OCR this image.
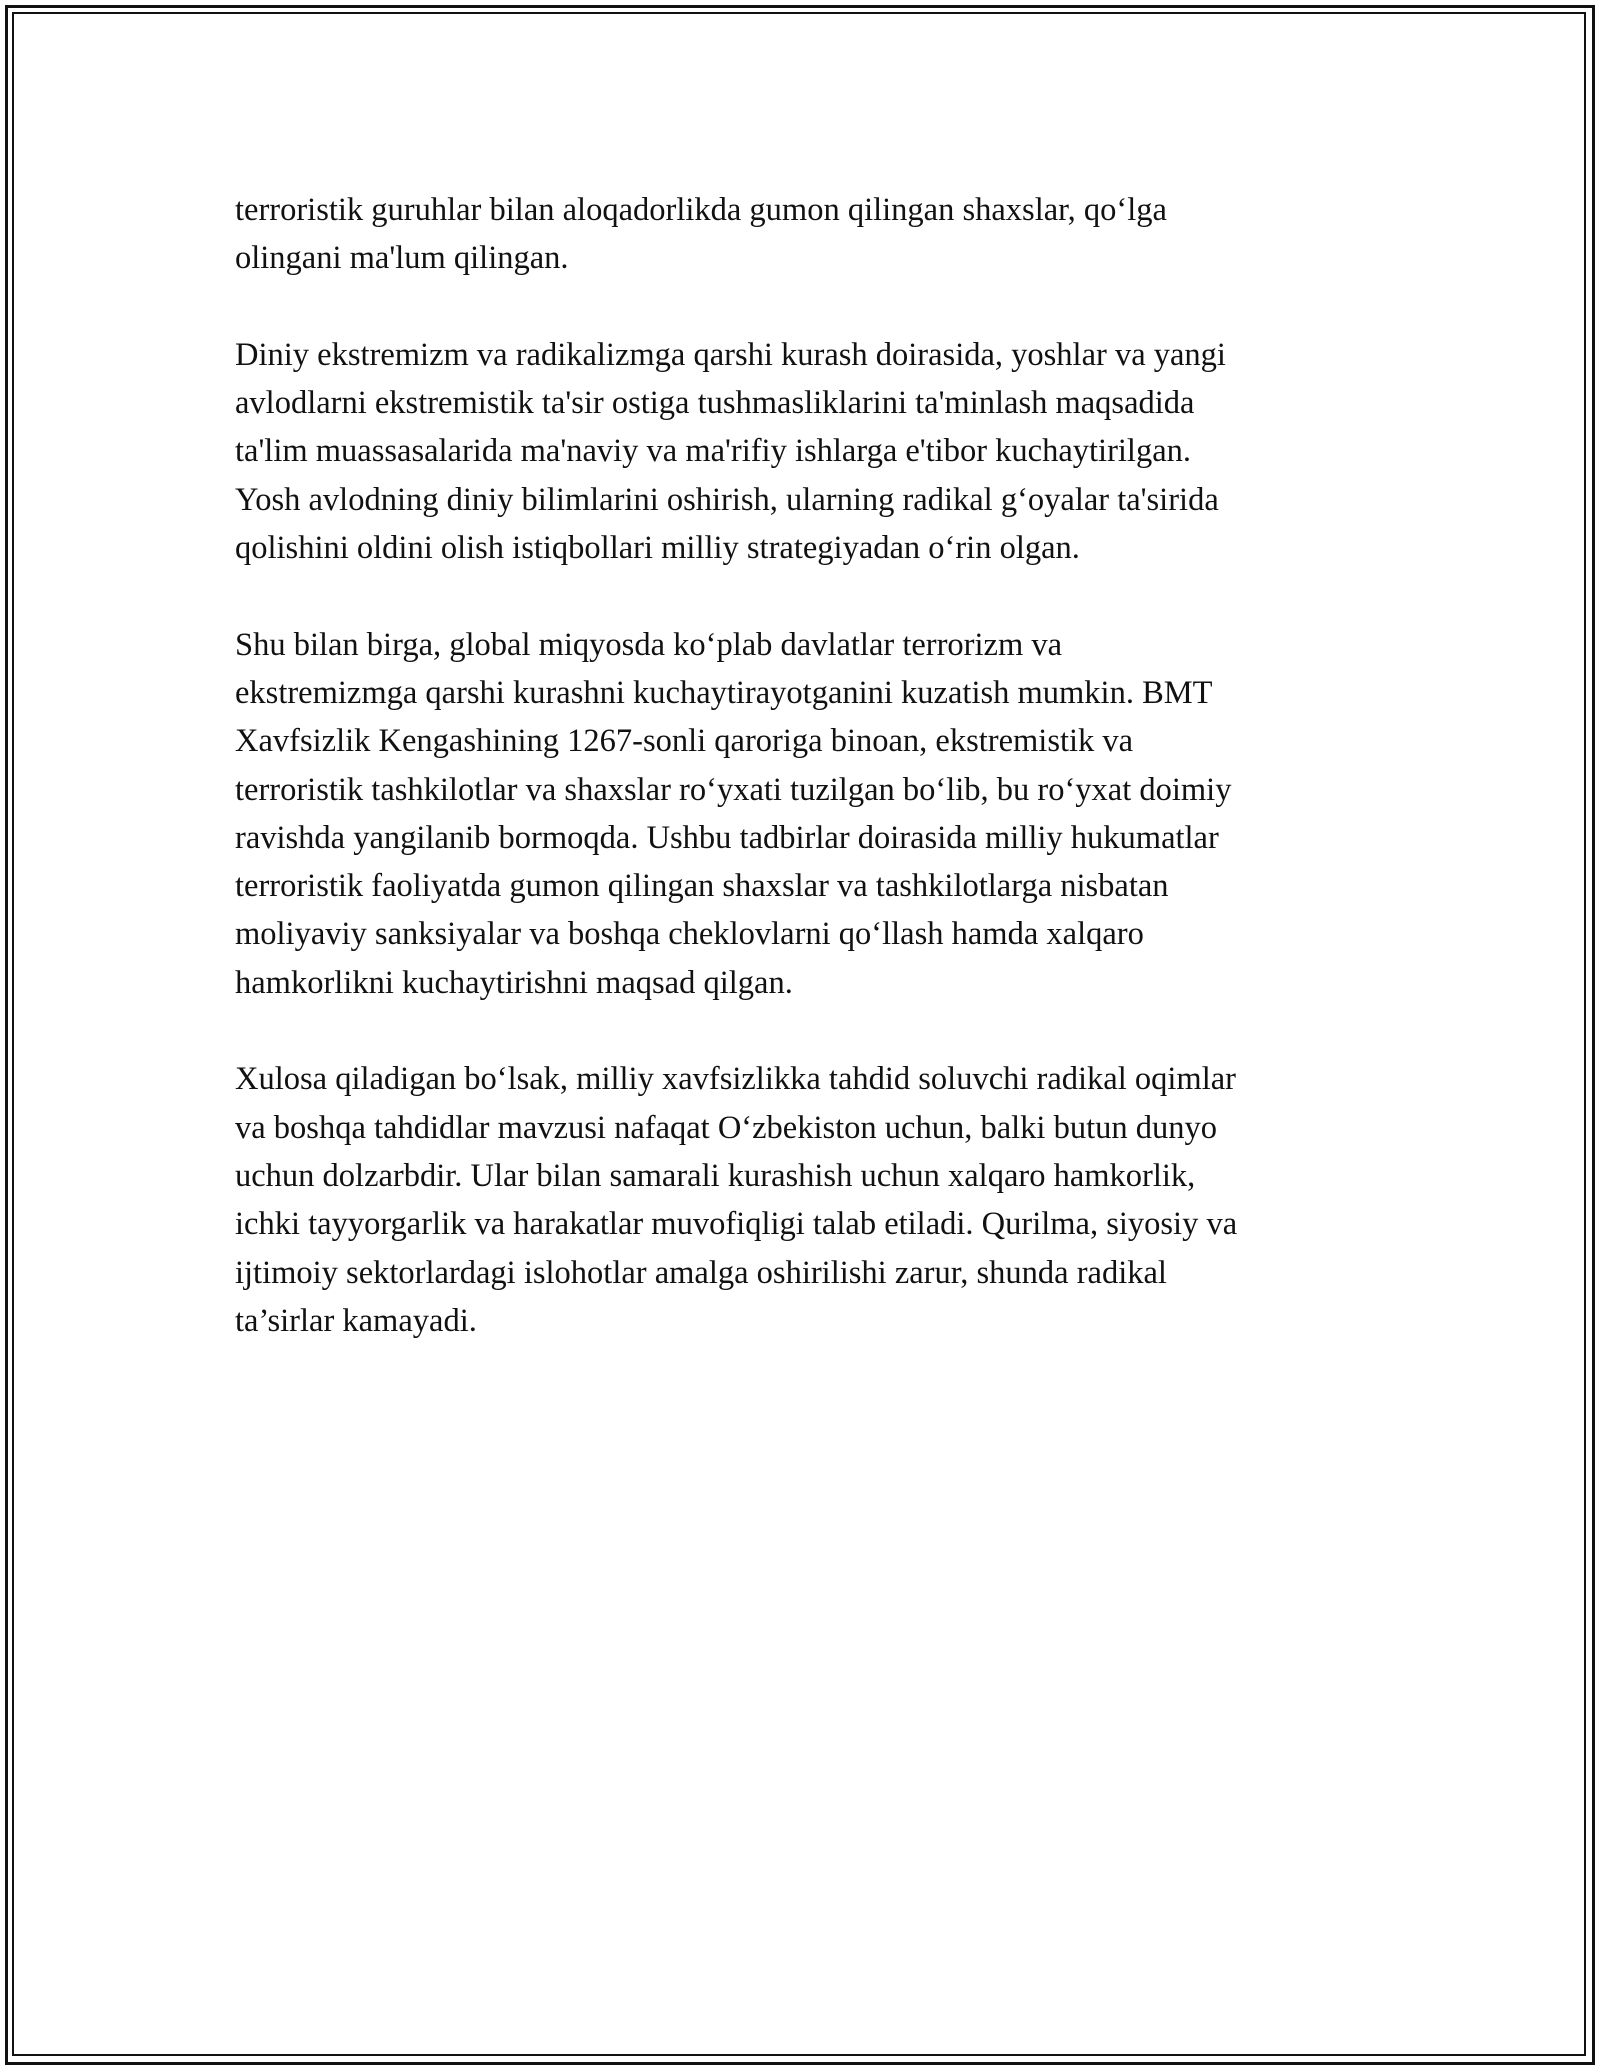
terroristik guruhlar bilan aloqadorlikda gumon qilingan shaxslar, qo‘lga
olingani ma'lum qilingan.

Diniy ekstremizm va radikalizmga qarshi kurash doirasida, yoshlar va yangi
avlodlarni ekstremistik ta'sir ostiga tushmasliklarini ta'minlash maqsadida
ta'lim muassasalarida ma'naviy va ma'rifiy ishlarga e'tibor kuchaytirilgan.
Yosh avlodning diniy bilimlarini oshirish, ularning radikal g‘oyalar ta'sirida
qolishini oldini olish istiqbollari milliy strategiyadan o‘rin olgan.

Shu bilan birga, global miqyosda ko‘plab davlatlar terrorizm va
ekstremizmga qarshi kurashni kuchaytirayotganini kuzatish mumkin. BMT
Xavfsizlik Kengashining 1267-sonli qaroriga binoan, ekstremistik va
terroristik tashkilotlar va shaxslar ro‘yxati tuzilgan bo‘lib, bu ro‘yxat doimiy
ravishda yangilanib bormoqda. Ushbu tadbirlar doirasida milliy hukumatlar
terroristik faoliyatda gumon qilingan shaxslar va tashkilotlarga nisbatan
moliyaviy sanksiyalar va boshqa cheklovlarni qo‘llash hamda xalqaro
hamkorlikni kuchaytirishni maqsad qilgan.

Xulosa qiladigan bo‘lsak, milliy xavfsizlikka tahdid soluvchi radikal oqimlar
va boshqa tahdidlar mavzusi nafaqat O‘zbekiston uchun, balki butun dunyo
uchun dolzarbdir. Ular bilan samarali kurashish uchun xalqaro hamkorlik,
ichki tayyorgarlik va harakatlar muvofiqligi talab etiladi. Qurilma, siyosiy va
ijtimoiy sektorlardagi islohotlar amalga oshirilishi zarur, shunda radikal
ta’sirlar kamayadi.
